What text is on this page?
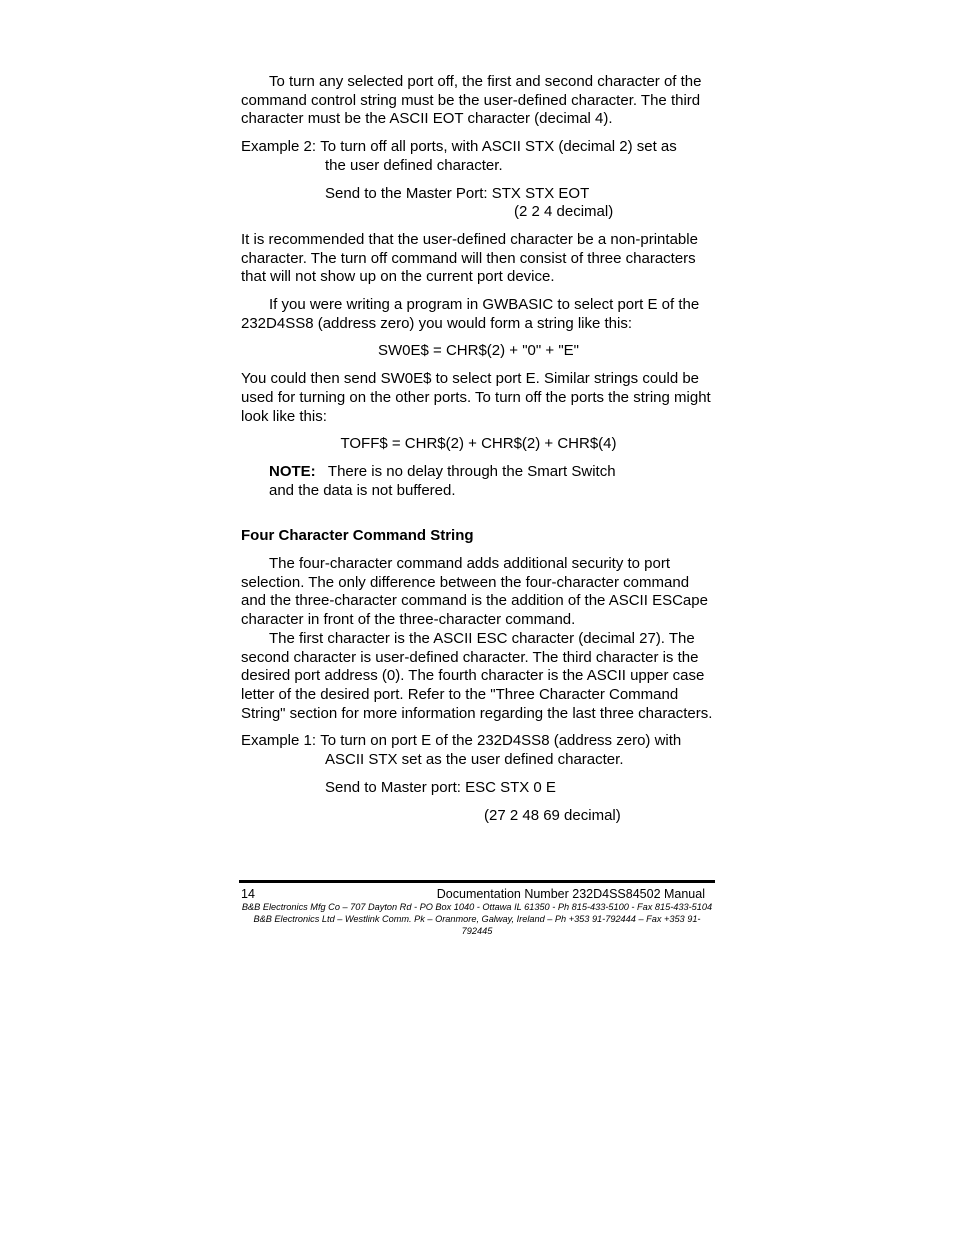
To turn any selected port off, the first and second character of the command control string must be the user-defined character. The third character must be the ASCII EOT character (decimal 4).

Example 2: To turn off all ports, with ASCII STX (decimal 2) set as

the user defined character.

Send to the Master Port: STX STX EOT

(2 2 4 decimal)

It is recommended that the user-defined character be a non-printable character. The turn off command will then consist of three characters that will not show up on the current port device.

If you were writing a program in GWBASIC to select port E of the 232D4SS8 (address zero) you would form a string like this:

SW0E$ = CHR$(2) + "0" + "E"

You could then send SW0E$ to select port E. Similar strings could be used for turning on the other ports. To turn off the ports the string might look like this:

TOFF$ = CHR$(2) + CHR$(2) + CHR$(4)

NOTE: There is no delay through the Smart Switch and the data is not buffered.

Four Character Command String

The four-character command adds additional security to port selection. The only difference between the four-character command and the three-character command is the addition of the ASCII ESCape character in front of the three-character command.

The first character is the ASCII ESC character (decimal 27). The second character is user-defined character. The third character is the desired port address (0). The fourth character is the ASCII upper case letter of the desired port. Refer to the "Three Character Command String" section for more information regarding the last three characters.

Example 1: To turn on port E of the 232D4SS8 (address zero) with

ASCII STX set as the user defined character.

Send to Master port: ESC STX 0 E

(27 2 48 69 decimal)

14	Documentation Number 232D4SS84502 Manual
B&B Electronics Mfg Co – 707 Dayton Rd - PO Box 1040 - Ottawa IL 61350 - Ph 815-433-5100 - Fax 815-433-5104
B&B Electronics Ltd – Westlink Comm. Pk – Oranmore, Galway, Ireland – Ph +353 91-792444 – Fax +353 91-792445
